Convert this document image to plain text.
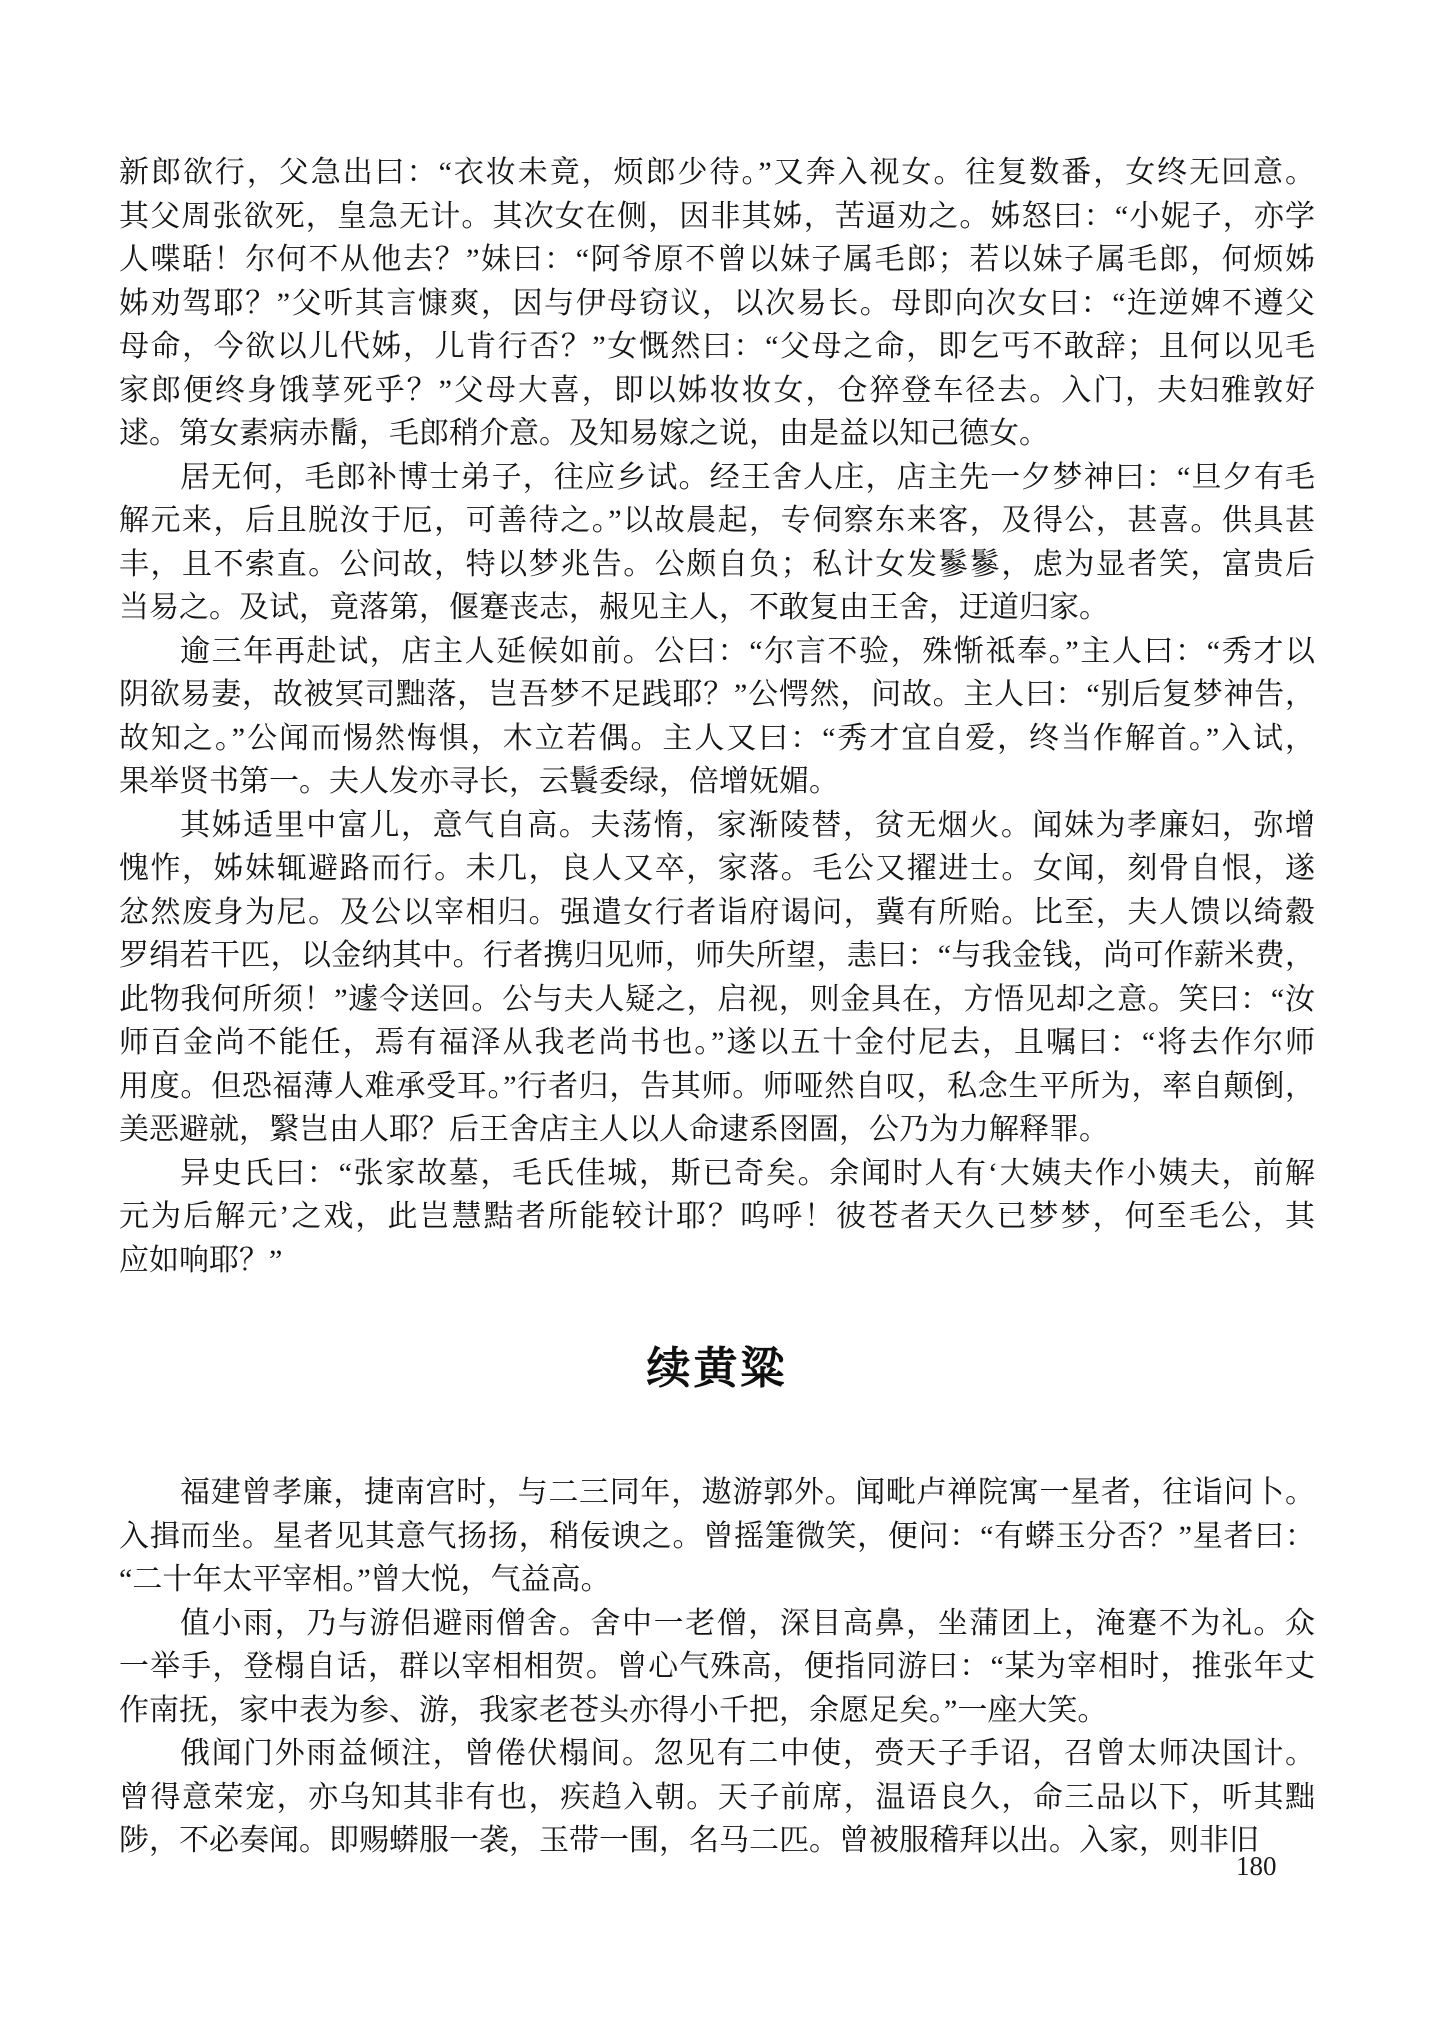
新郎欲行，父急出曰：“衣妆未竟，烦郎少待。”又奔入视女。往复数番，女终无回意。
其父周张欲死，皇急无计。其次女在侧，因非其姊，苦逼劝之。姊怒曰：“小妮子，亦学
人喋聒！尔何不从他去？”妹曰：“阿爷原不曾以妹子属毛郎；若以妹子属毛郎，何烦姊
姊劝驾耶？”父听其言慷爽，因与伊母窃议，以次易长。母即向次女曰：“迕逆婢不遵父
母命，今欲以儿代姊，儿肯行否？”女慨然曰：“父母之命，即乞丐不敢辞；且何以见毛
家郎便终身饿莩死乎？”父母大喜，即以姊妆妆女，仓猝登车径去。入门，夫妇雅敦好
逑。第女素病赤鬝，毛郎稍介意。及知易嫁之说，由是益以知己德女。

居无何，毛郎补博士弟子，往应乡试。经王舍人庄，店主先一夕梦神曰：“旦夕有毛
解元来，后且脱汝于厄，可善待之。”以故晨起，专伺察东来客，及得公，甚喜。供具甚
丰，且不索直。公问故，特以梦兆告。公颇自负；私计女发鬖鬖，虑为显者笑，富贵后
当易之。及试，竟落第，偃蹇丧志，赧见主人，不敢复由王舍，迂道归家。

逾三年再赴试，店主人延候如前。公曰：“尔言不验，殊惭祗奉。”主人曰：“秀才以
阴欲易妻，故被冥司黜落，岂吾梦不足践耶？”公愕然，问故。主人曰：“别后复梦神告，
故知之。”公闻而惕然悔惧，木立若偶。主人又曰：“秀才宜自爱，终当作解首。”入试，
果举贤书第一。夫人发亦寻长，云鬟委绿，倍增妩媚。

其姊适里中富儿，意气自高。夫荡惰，家渐陵替，贫无烟火。闻妹为孝廉妇，弥增
愧怍，姊妹辄避路而行。未几，良人又卒，家落。毛公又擢进士。女闻，刻骨自恨，遂
忿然废身为尼。及公以宰相归。强遣女行者诣府谒问，冀有所贻。比至，夫人馈以绮縠
罗绢若干匹，以金纳其中。行者携归见师，师失所望，恚曰：“与我金钱，尚可作薪米费，
此物我何所须！”遽令送回。公与夫人疑之，启视，则金具在，方悟见却之意。笑曰：“汝
师百金尚不能任，焉有福泽从我老尚书也。”遂以五十金付尼去，且嘱曰：“将去作尔师
用度。但恐福薄人难承受耳。”行者归，告其师。师哑然自叹，私念生平所为，率自颠倒，
美恶避就，繄岂由人耶？后王舍店主人以人命逮系囹圄，公乃为力解释罪。

异史氏曰：“张家故墓，毛氏佳城，斯已奇矣。余闻时人有‘大姨夫作小姨夫，前解
元为后解元’之戏，此岂慧黠者所能较计耶？呜呼！彼苍者天久已梦梦，何至毛公，其
应如响耶？”

续黄粱

福建曾孝廉，捷南宫时，与二三同年，遨游郭外。闻毗卢禅院寓一星者，往诣问卜。
入揖而坐。星者见其意气扬扬，稍佞谀之。曾摇箑微笑，便问：“有蟒玉分否？”星者曰：
“二十年太平宰相。”曾大悦，气益高。

值小雨，乃与游侣避雨僧舍。舍中一老僧，深目高鼻，坐蒲团上，淹蹇不为礼。众
一举手，登榻自话，群以宰相相贺。曾心气殊高，便指同游曰：“某为宰相时，推张年丈
作南抚，家中表为参、游，我家老苍头亦得小千把，余愿足矣。”一座大笑。

俄闻门外雨益倾注，曾倦伏榻间。忽见有二中使，赍天子手诏，召曾太师决国计。
曾得意荣宠，亦乌知其非有也，疾趋入朝。天子前席，温语良久，命三品以下，听其黜
陟，不必奏闻。即赐蟒服一袭，玉带一围，名马二匹。曾被服稽拜以出。入家，则非旧

180
